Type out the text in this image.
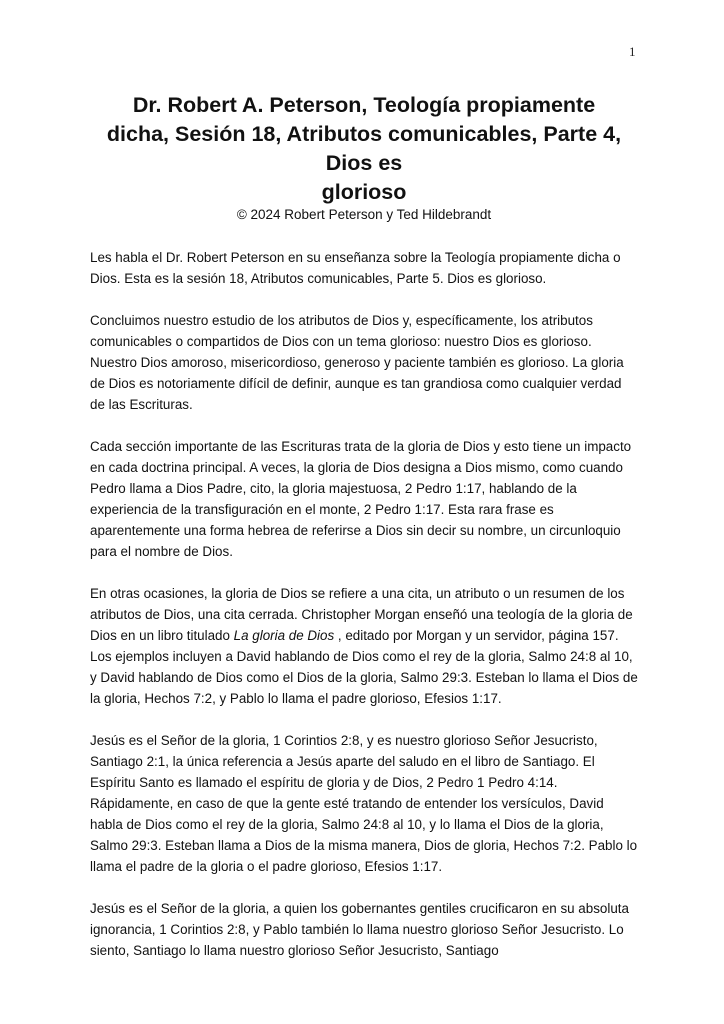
1
Dr. Robert A. Peterson, Teología propiamente
dicha, Sesión 18, Atributos comunicables, Parte 4,
Dios es
glorioso
© 2024 Robert Peterson y Ted Hildebrandt

Les habla el Dr. Robert Peterson en su enseñanza sobre la Teología propiamente dicha o Dios. Esta es la sesión 18, Atributos comunicables, Parte 5. Dios es glorioso.

Concluimos nuestro estudio de los atributos de Dios y, específicamente, los atributos comunicables o compartidos de Dios con un tema glorioso: nuestro Dios es glorioso. Nuestro Dios amoroso, misericordioso, generoso y paciente también es glorioso. La gloria de Dios es notoriamente difícil de definir, aunque es tan grandiosa como cualquier verdad de las Escrituras.

Cada sección importante de las Escrituras trata de la gloria de Dios y esto tiene un impacto en cada doctrina principal. A veces, la gloria de Dios designa a Dios mismo, como cuando Pedro llama a Dios Padre, cito, la gloria majestuosa, 2 Pedro 1:17, hablando de la experiencia de la transfiguración en el monte, 2 Pedro 1:17. Esta rara frase es aparentemente una forma hebrea de referirse a Dios sin decir su nombre, un circunloquio para el nombre de Dios.

En otras ocasiones, la gloria de Dios se refiere a una cita, un atributo o un resumen de los atributos de Dios, una cita cerrada. Christopher Morgan enseñó una teología de la gloria de Dios en un libro titulado La gloria de Dios , editado por Morgan y un servidor, página 157. Los ejemplos incluyen a David hablando de Dios como el rey de la gloria, Salmo 24:8 al 10, y David hablando de Dios como el Dios de la gloria, Salmo 29:3. Esteban lo llama el Dios de la gloria, Hechos 7:2, y Pablo lo llama el padre glorioso, Efesios 1:17.

Jesús es el Señor de la gloria, 1 Corintios 2:8, y es nuestro glorioso Señor Jesucristo, Santiago 2:1, la única referencia a Jesús aparte del saludo en el libro de Santiago. El Espíritu Santo es llamado el espíritu de gloria y de Dios, 2 Pedro 1 Pedro 4:14. Rápidamente, en caso de que la gente esté tratando de entender los versículos, David habla de Dios como el rey de la gloria, Salmo 24:8 al 10, y lo llama el Dios de la gloria, Salmo 29:3. Esteban llama a Dios de la misma manera, Dios de gloria, Hechos 7:2. Pablo lo llama el padre de la gloria o el padre glorioso, Efesios 1:17.

Jesús es el Señor de la gloria, a quien los gobernantes gentiles crucificaron en su absoluta ignorancia, 1 Corintios 2:8, y Pablo también lo llama nuestro glorioso Señor Jesucristo. Lo siento, Santiago lo llama nuestro glorioso Señor Jesucristo, Santiago
